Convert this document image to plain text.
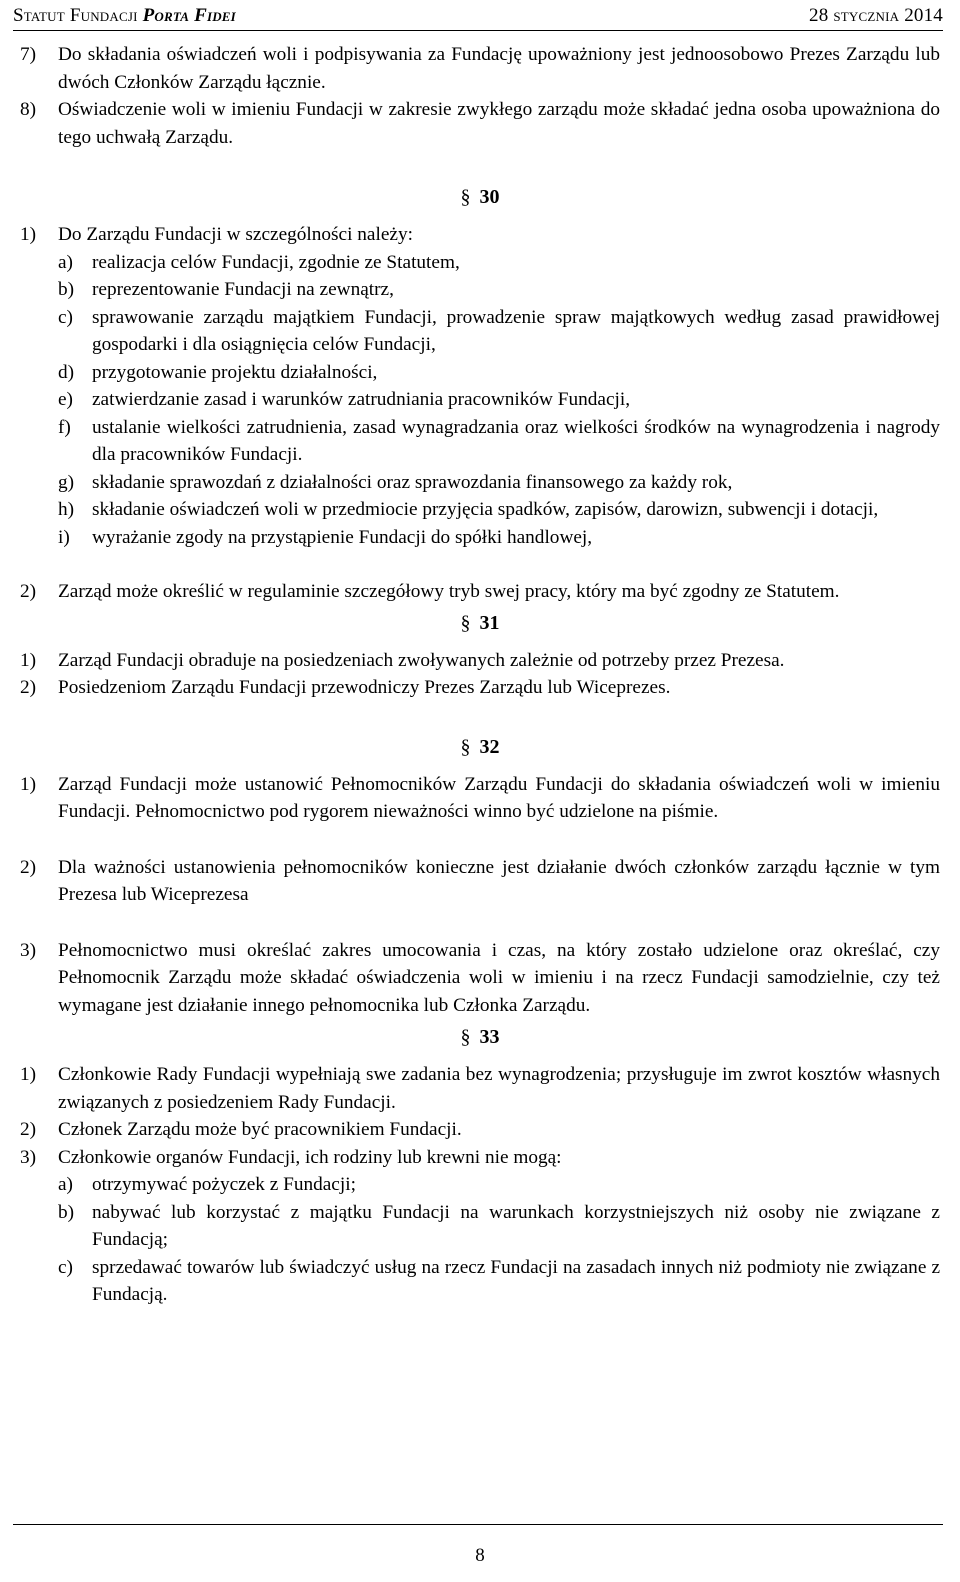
Statut Fundacji Porta Fidei	28 stycznia 2014
7) Do składania oświadczeń woli i podpisywania za Fundację upoważniony jest jednoosobowo Prezes Zarządu lub dwóch Członków Zarządu łącznie.
8) Oświadczenie woli w imieniu Fundacji w zakresie zwykłego zarządu może składać jedna osoba upoważniona do tego uchwałą Zarządu.
§ 30
1) Do Zarządu Fundacji w szczególności należy:
a) realizacja celów Fundacji, zgodnie ze Statutem,
b) reprezentowanie Fundacji na zewnątrz,
c) sprawowanie zarządu majątkiem Fundacji, prowadzenie spraw majątkowych według zasad prawidłowej gospodarki i dla osiągnięcia celów Fundacji,
d) przygotowanie projektu działalności,
e) zatwierdzanie zasad i warunków zatrudniania pracowników Fundacji,
f) ustalanie wielkości zatrudnienia, zasad wynagradzania oraz wielkości środków na wynagrodzenia i nagrody dla pracowników Fundacji.
g) składanie sprawozdań z działalności oraz sprawozdania finansowego za każdy rok,
h) składanie oświadczeń woli w przedmiocie przyjęcia spadków, zapisów, darowizn, subwencji i dotacji,
i) wyrażanie zgody na przystąpienie Fundacji do spółki handlowej,
2) Zarząd może określić w regulaminie szczegółowy tryb swej pracy, który ma być zgodny ze Statutem.
§ 31
1) Zarząd Fundacji obraduje na posiedzeniach zwoływanych zależnie od potrzeby przez Prezesa.
2) Posiedzeniom Zarządu Fundacji przewodniczy Prezes Zarządu lub Wiceprezes.
§ 32
1) Zarząd Fundacji może ustanowić Pełnomocników Zarządu Fundacji do składania oświadczeń woli w imieniu Fundacji. Pełnomocnictwo pod rygorem nieważności winno być udzielone na piśmie.
2) Dla ważności ustanowienia pełnomocników konieczne jest działanie dwóch członków zarządu łącznie w tym Prezesa lub Wiceprezesa
3) Pełnomocnictwo musi określać zakres umocowania i czas, na który zostało udzielone oraz określać, czy Pełnomocnik Zarządu może składać oświadczenia woli w imieniu i na rzecz Fundacji samodzielnie, czy też wymagane jest działanie innego pełnomocnika lub Członka Zarządu.
§ 33
1) Członkowie Rady Fundacji wypełniają swe zadania bez wynagrodzenia; przysługuje im zwrot kosztów własnych związanych z posiedzeniem Rady Fundacji.
2) Członek Zarządu może być pracownikiem Fundacji.
3) Członkowie organów Fundacji, ich rodziny lub krewni nie mogą:
a) otrzymywać pożyczek z Fundacji;
b) nabywać lub korzystać z majątku Fundacji na warunkach korzystniejszych niż osoby nie związane z Fundacją;
c) sprzedawać towarów lub świadczyć usług na rzecz Fundacji na zasadach innych niż podmioty nie związane z Fundacją.
8
